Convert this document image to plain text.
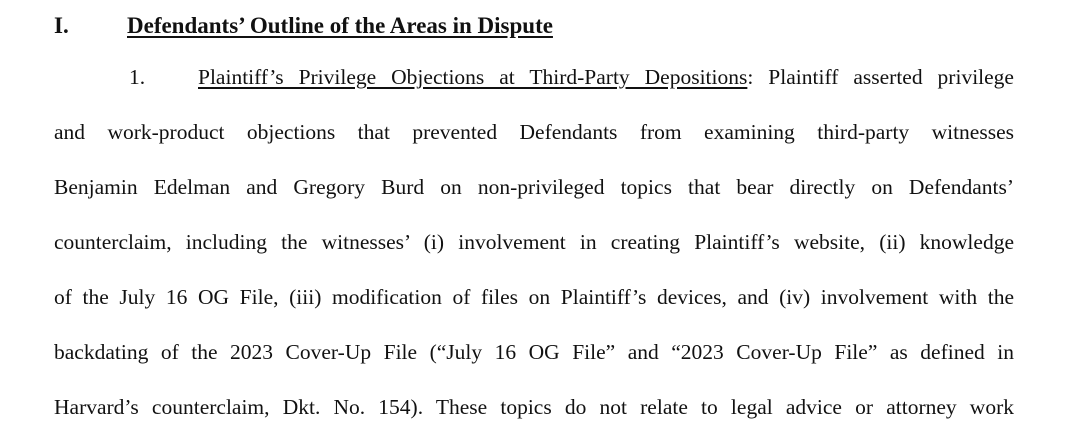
I.	Defendants’ Outline of the Areas in Dispute
1. Plaintiff’s Privilege Objections at Third-Party Depositions: Plaintiff asserted privilege
and work-product objections that prevented Defendants from examining third-party witnesses
Benjamin Edelman and Gregory Burd on non-privileged topics that bear directly on Defendants’
counterclaim, including the witnesses’ (i) involvement in creating Plaintiff’s website, (ii) knowledge
of the July 16 OG File, (iii) modification of files on Plaintiff’s devices, and (iv) involvement with the
backdating of the 2023 Cover-Up File (“July 16 OG File” and “2023 Cover-Up File” as defined in
Harvard’s counterclaim, Dkt. No. 154). These topics do not relate to legal advice or attorney work
